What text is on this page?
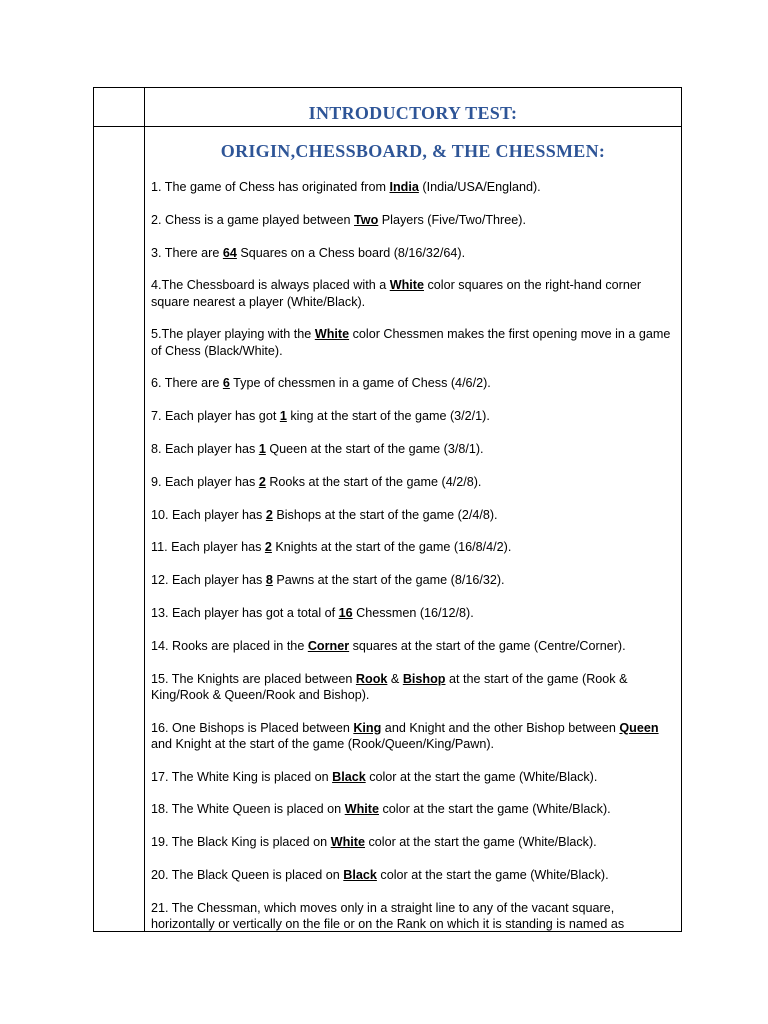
INTRODUCTORY TEST:
ORIGIN,CHESSBOARD, & THE CHESSMEN:
1. The game of Chess has originated from India (India/USA/England).
2. Chess is a game played between Two Players (Five/Two/Three).
3. There are 64 Squares on a Chess board (8/16/32/64).
4.The Chessboard is always placed with a White color squares on the right-hand corner square nearest a player (White/Black).
5.The player playing with the White color Chessmen makes the first opening move in a game of Chess (Black/White).
6. There are 6 Type of chessmen in a game of Chess (4/6/2).
7. Each player has got 1 king at the start of the game (3/2/1).
8. Each player has 1 Queen at the start of the game (3/8/1).
9. Each player has 2 Rooks at the start of the game (4/2/8).
10. Each player has 2 Bishops at the start of the game (2/4/8).
11. Each player has 2 Knights at the start of the game (16/8/4/2).
12. Each player has 8 Pawns at the start of the game (8/16/32).
13. Each player has got a total of 16 Chessmen (16/12/8).
14. Rooks are placed in the Corner squares at the start of the game (Centre/Corner).
15. The Knights are placed between Rook & Bishop at the start of the game (Rook & King/Rook & Queen/Rook and Bishop).
16. One Bishops is Placed between King and Knight and the other Bishop between Queen and Knight at the start of the game (Rook/Queen/King/Pawn).
17. The White King is placed on Black color at the start the game (White/Black).
18. The White Queen is placed on White color at the start the game (White/Black).
19. The Black King is placed on White color at the start the game (White/Black).
20. The Black Queen is placed on Black color at the start the game (White/Black).
21. The Chessman, which moves only in a straight line to any of the vacant square, horizontally or vertically on the file or on the Rank on which it is standing is named as
